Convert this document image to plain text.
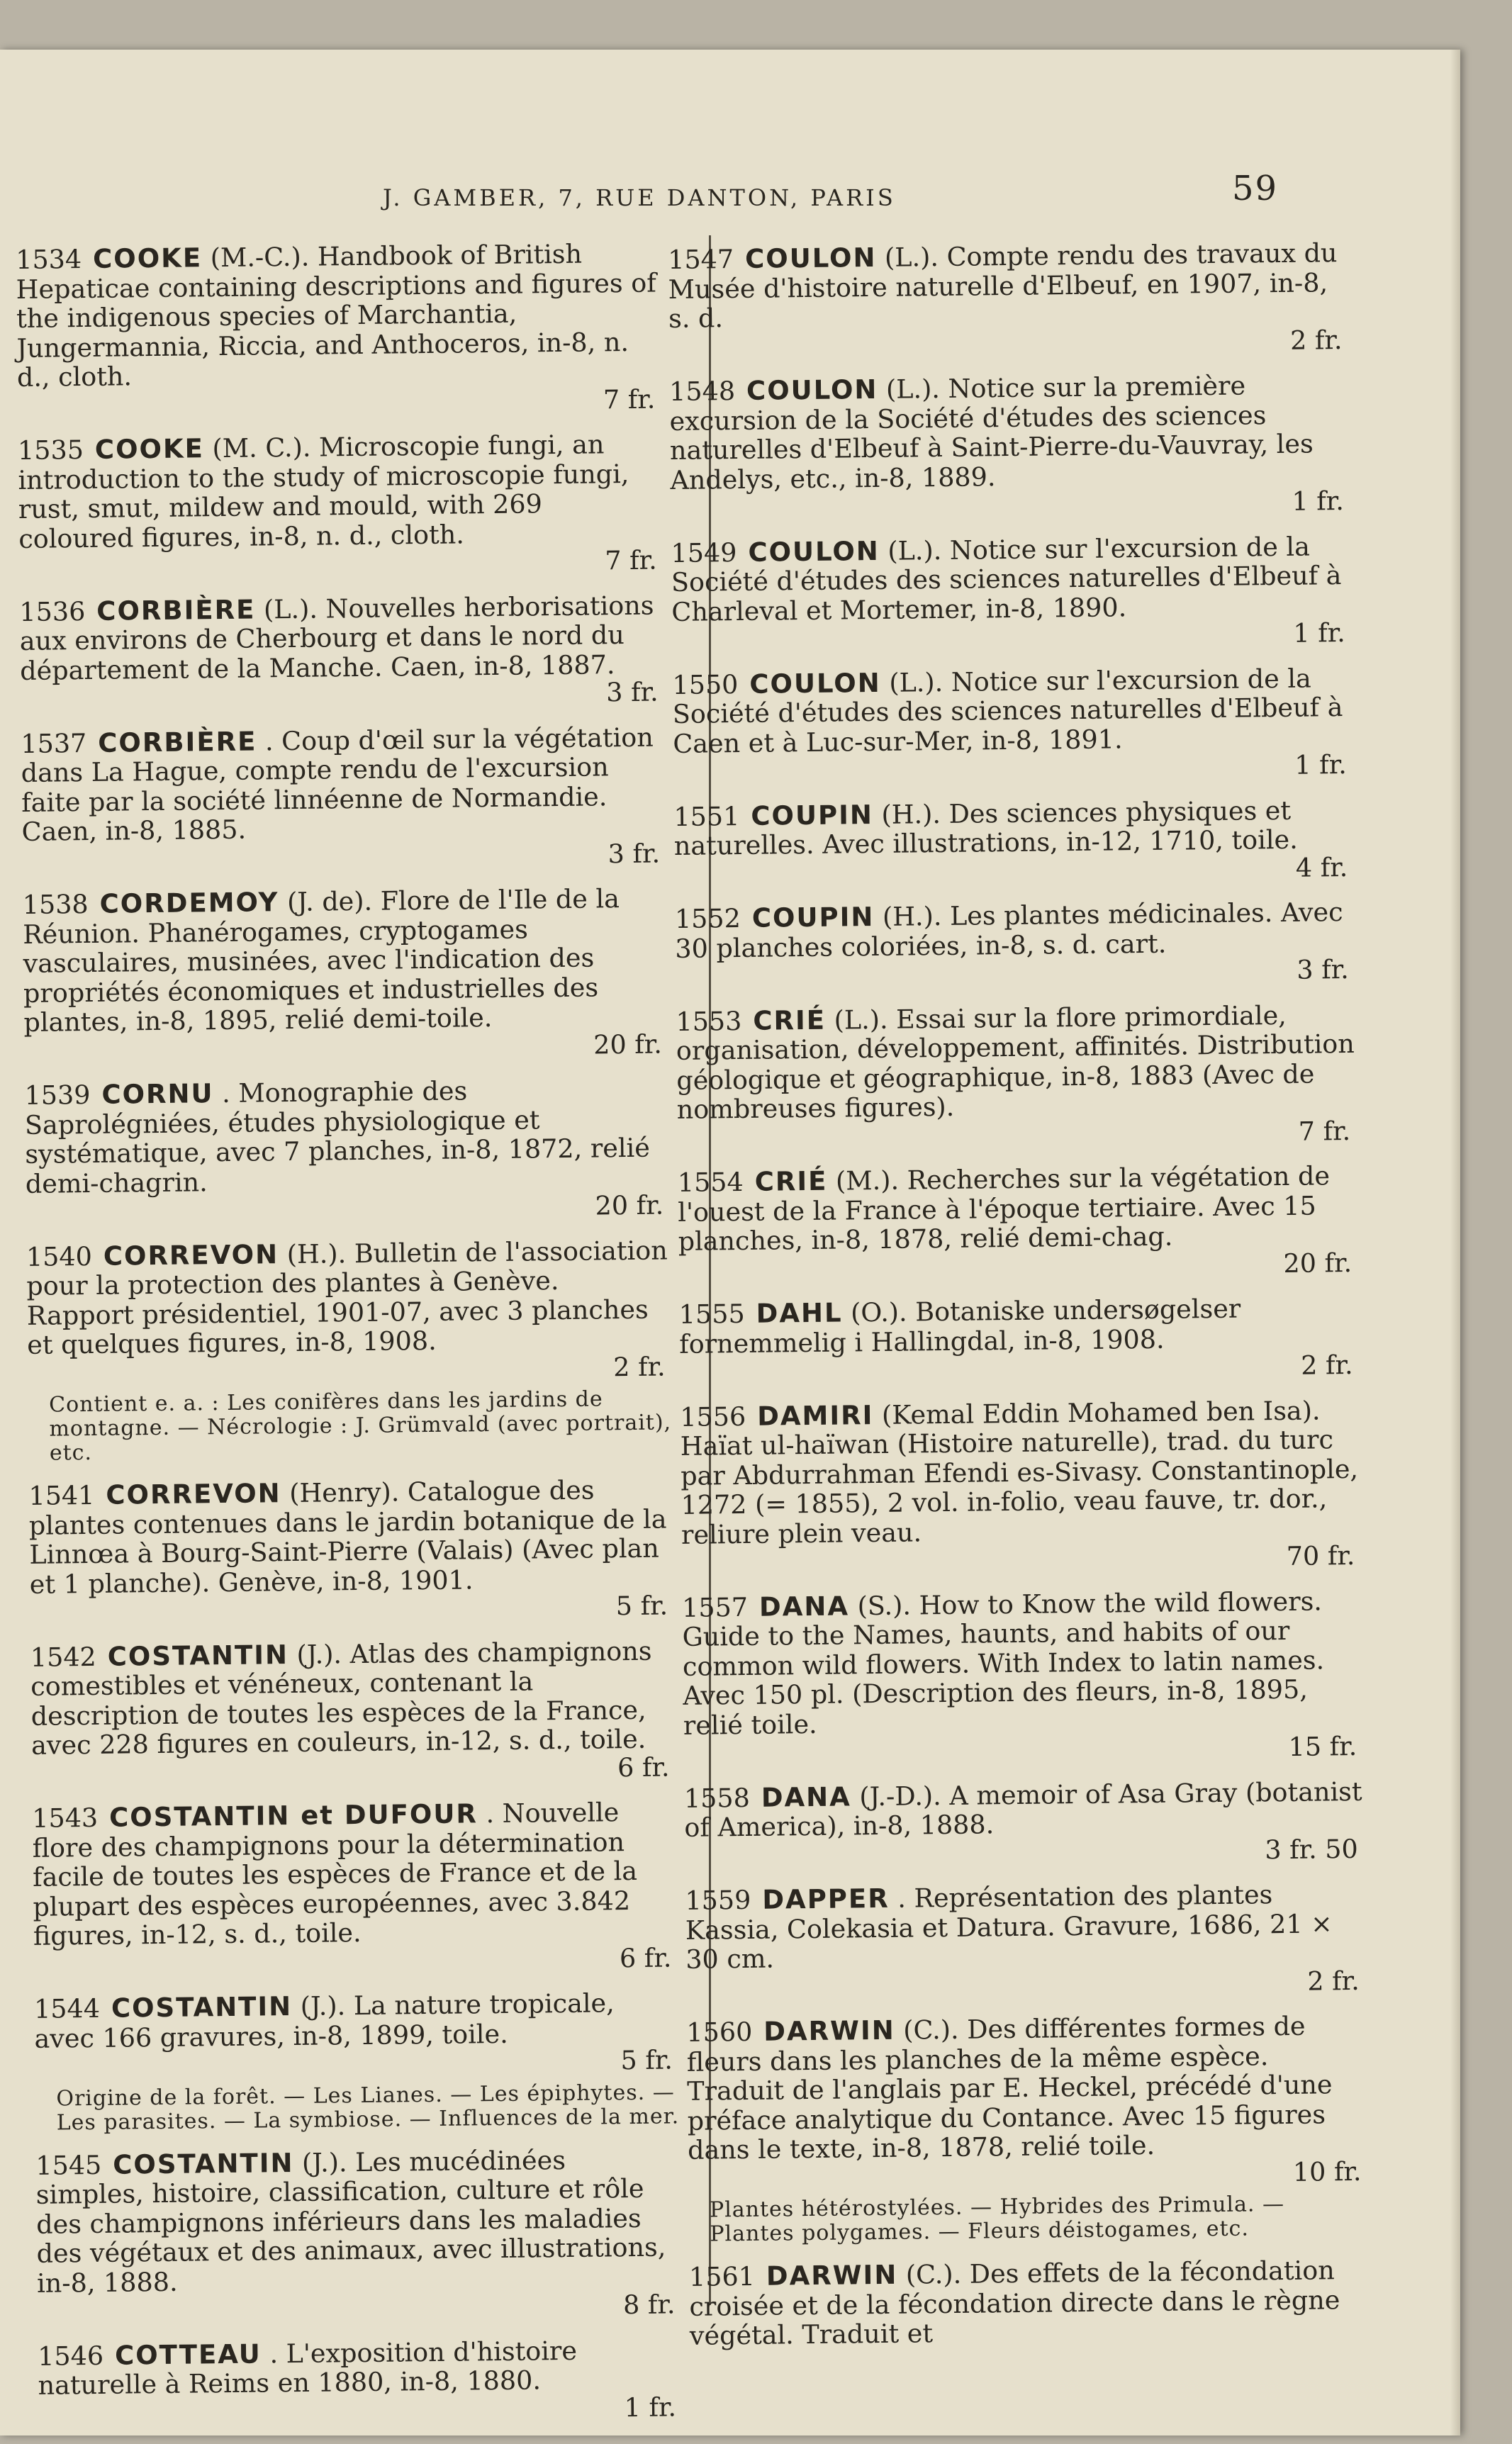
J. GAMBER, 7, RUE DANTON, PARIS	59
1534 COOKE (M.-C.). Handbook of British Hepaticae containing descriptions and figures of the indigenous species of Marchantia, Jungermannia, Riccia, and Anthoceros, in-8, n. d., cloth.
7 fr.
1535 COOKE (M. C.). Microscopie fungi, an introduction to the study of microscopie fungi, rust, smut, mildew and mould, with 269 coloured figures, in-8, n. d., cloth.
7 fr.
1536 CORBIÈRE (L.). Nouvelles herborisations aux environs de Cherbourg et dans le nord du département de la Manche. Caen, in-8, 1887.
3 fr.
1537 CORBIÈRE . Coup d'œil sur la végétation dans La Hague, compte rendu de l'excursion faite par la société linnéenne de Normandie. Caen, in-8, 1885.
3 fr.
1538 CORDEMOY (J. de). Flore de l'Ile de la Réunion. Phanérogames, cryptogames vasculaires, musinées, avec l'indication des propriétés économiques et industrielles des plantes, in-8, 1895, relié demi-toile.
20 fr.
1539 CORNU . Monographie des Saprolégniées, études physiologique et systématique, avec 7 planches, in-8, 1872, relié demi-chagrin.
20 fr.
1540 CORREVON (H.). Bulletin de l'association pour la protection des plantes à Genève. Rapport présidentiel, 1901-07, avec 3 planches et quelques figures, in-8, 1908.
2 fr.
Contient e. a. : Les conifères dans les jardins de montagne. — Nécrologie : J. Grümvald (avec portrait), etc.
1541 CORREVON (Henry). Catalogue des plantes contenues dans le jardin botanique de la Linnœa à Bourg-Saint-Pierre (Valais) (Avec plan et 1 planche). Genève, in-8, 1901.
5 fr.
1542 COSTANTIN (J.). Atlas des champignons comestibles et vénéneux, contenant la description de toutes les espèces de la France, avec 228 figures en couleurs, in-12, s. d., toile.
6 fr.
1543 COSTANTIN et DUFOUR . Nouvelle flore des champignons pour la détermination facile de toutes les espèces de France et de la plupart des espèces européennes, avec 3.842 figures, in-12, s. d., toile.
6 fr.
1544 COSTANTIN (J.). La nature tropicale, avec 166 gravures, in-8, 1899, toile.
5 fr.
Origine de la forêt. — Les Lianes. — Les épiphytes. — Les parasites. — La symbiose. — Influences de la mer.
1545 COSTANTIN (J.). Les mucédinées simples, histoire, classification, culture et rôle des champignons inférieurs dans les maladies des végétaux et des animaux, avec illustrations, in-8, 1888.
8 fr.
1546 COTTEAU . L'exposition d'histoire naturelle à Reims en 1880, in-8, 1880.
1 fr.
1547 COULON (L.). Compte rendu des travaux du Musée d'histoire naturelle d'Elbeuf, en 1907, in-8, s. d.
2 fr.
1548 COULON (L.). Notice sur la première excursion de la Société d'études des sciences naturelles d'Elbeuf à Saint-Pierre-du-Vauvray, les Andelys, etc., in-8, 1889.
1 fr.
1549 COULON (L.). Notice sur l'excursion de la Société d'études des sciences naturelles d'Elbeuf à Charleval et Mortemer, in-8, 1890.
1 fr.
1550 COULON (L.). Notice sur l'excursion de la Société d'études des sciences naturelles d'Elbeuf à Caen et à Luc-sur-Mer, in-8, 1891.
1 fr.
1551 COUPIN (H.). Des sciences physiques et naturelles. Avec illustrations, in-12, 1710, toile.
4 fr.
1552 COUPIN (H.). Les plantes médicinales. Avec 30 planches coloriées, in-8, s. d. cart.
3 fr.
1553 CRIÉ (L.). Essai sur la flore primordiale, organisation, développement, affinités. Distribution géologique et géographique, in-8, 1883 (Avec de nombreuses figures).
7 fr.
1554 CRIÉ (M.). Recherches sur la végétation de l'ouest de la France à l'époque tertiaire. Avec 15 planches, in-8, 1878, relié demi-chag.
20 fr.
1555 DAHL (O.). Botaniske undersøgelser fornemmelig i Hallingdal, in-8, 1908.
2 fr.
1556 DAMIRI (Kemal Eddin Mohamed ben Isa). Haïat ul-haïwan (Histoire naturelle), trad. du turc par Abdurrahman Efendi es-Sivasy. Constantinople, 1272 (= 1855), 2 vol. in-folio, veau fauve, tr. dor., reliure plein veau.
70 fr.
1557 DANA (S.). How to Know the wild flowers. Guide to the Names, haunts, and habits of our common wild flowers. With Index to latin names. Avec 150 pl. (Description des fleurs, in-8, 1895, relié toile.
15 fr.
1558 DANA (J.-D.). A memoir of Asa Gray (botanist of America), in-8, 1888.
3 fr. 50
1559 DAPPER . Représentation des plantes Kassia, Colekasia et Datura. Gravure, 1686, 21 × 30 cm.
2 fr.
1560 DARWIN (C.). Des différentes formes de fleurs dans les planches de la même espèce. Traduit de l'anglais par E. Heckel, précédé d'une préface analytique du Contance. Avec 15 figures dans le texte, in-8, 1878, relié toile.
10 fr.
Plantes hétérostylées. — Hybrides des Primula. — Plantes polygames. — Fleurs déistogames, etc.
1561 DARWIN (C.). Des effets de la fécondation croisée et de la fécondation directe dans le règne végétal. Traduit et
